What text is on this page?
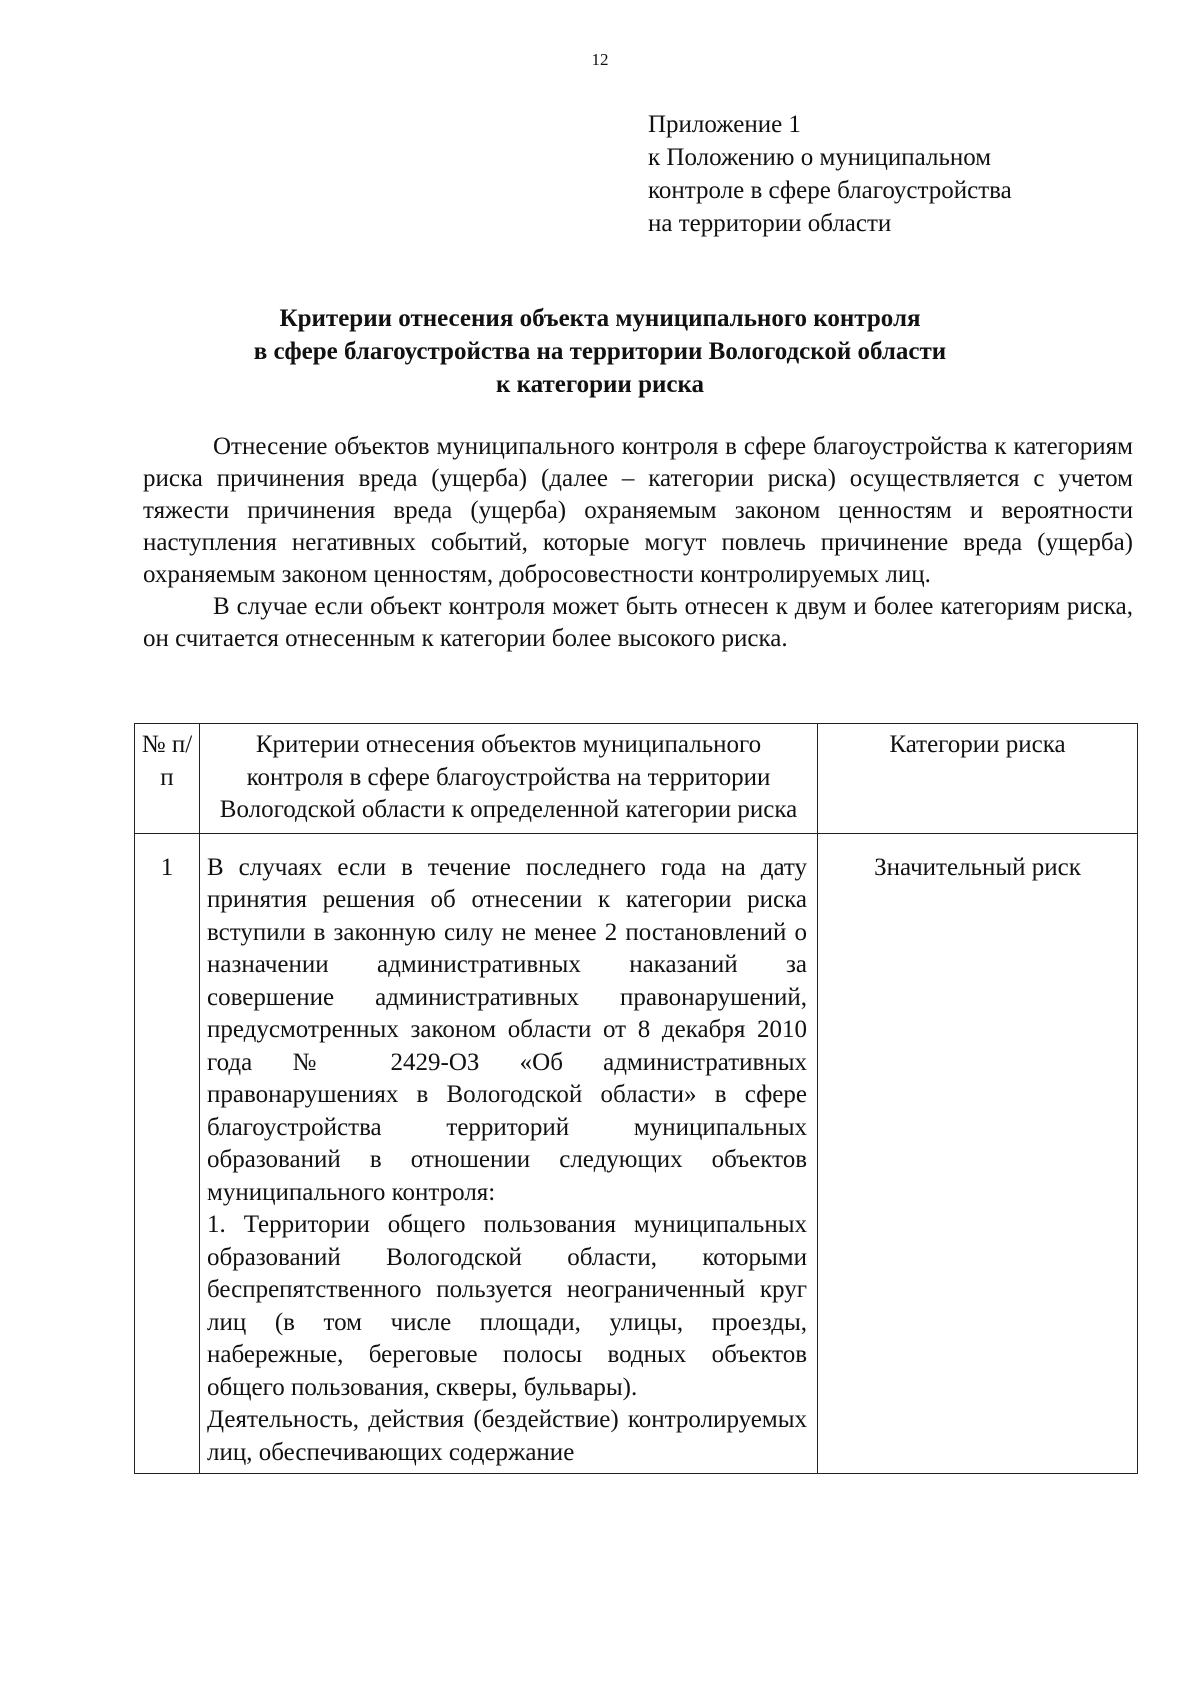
12
Приложение 1
к Положению о муниципальном
контроле в сфере благоустройства
на территории области
Критерии отнесения объекта муниципального контроля
в сфере благоустройства на территории Вологодской области
к категории риска

Отнесение объектов муниципального контроля в сфере благоустройства к категориям риска причинения вреда (ущерба) (далее – категории риска) осуществляется с учетом тяжести причинения вреда (ущерба) охраняемым законом ценностям и вероятности наступления негативных событий, которые могут повлечь причинение вреда (ущерба) охраняемым законом ценностям, добросовестности контролируемых лиц.

В случае если объект контроля может быть отнесен к двум и более категориям риска, он считается отнесенным к категории более высокого риска.

№ п/п	Критерии отнесения объектов муниципального контроля в сфере благоустройства на территории Вологодской области к определенной категории риска	Категории риска
1	В случаях если в течение последнего года на дату принятия решения об отнесении к категории риска вступили в законную силу не менее 2 постановлений о назначении административных наказаний за совершение административных правонарушений, предусмотренных законом области от 8 декабря 2010 года № 2429-ОЗ «Об административных правонарушениях в Вологодской области» в сфере благоустройства территорий муниципальных образований в отношении следующих объектов муниципального контроля:
1. Территории общего пользования муниципальных образований Вологодской области, которыми беспрепятственного пользуется неограниченный круг лиц (в том числе площади, улицы, проезды, набережные, береговые полосы водных объектов общего пользования, скверы, бульвары).
Деятельность, действия (бездействие) контролируемых лиц, обеспечивающих содержание	Значительный риск
